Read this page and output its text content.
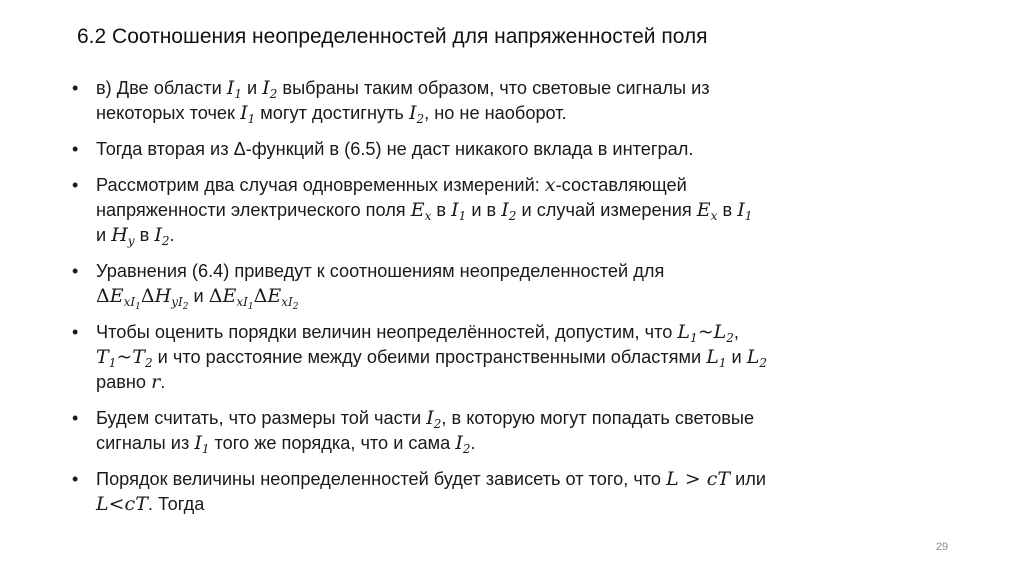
6.2 Соотношения неопределенностей для напряженностей поля
• в) Две области $I_1$ и $I_2$ выбраны таким образом, что световые сигналы из
некоторых точек $I_1$ могут достигнуть $I_2$, но не наоборот.
• Тогда вторая из Δ-функций в (6.5) не даст никакого вклада в интеграл.
• Рассмотрим два случая одновременных измерений: x-составляющей
напряженности электрического поля $E_x$ в $I_1$ и в $I_2$ и случай измерения $E_x$ в $I_1$
и $H_y$ в $I_2$.
• Уравнения (6.4) приведут к соотношениям неопределенностей для
$\Delta E_{xI_1}\Delta H_{yI_2}$ и $\Delta E_{xI_1}\Delta E_{xI_2}$
• Чтобы оценить порядки величин неопределённостей, допустим, что $L_1\sim L_2$,
$T_1\sim T_2$ и что расстояние между обеими пространственными областями $L_1$ и $L_2$
равно r.
• Будем считать, что размеры той части $I_2$, в которую могут попадать световые
сигналы из $I_1$ того же порядка, что и сама $I_2$.
• Порядок величины неопределенностей будет зависеть от того, что L > cT или
L<cT. Тогда
29
